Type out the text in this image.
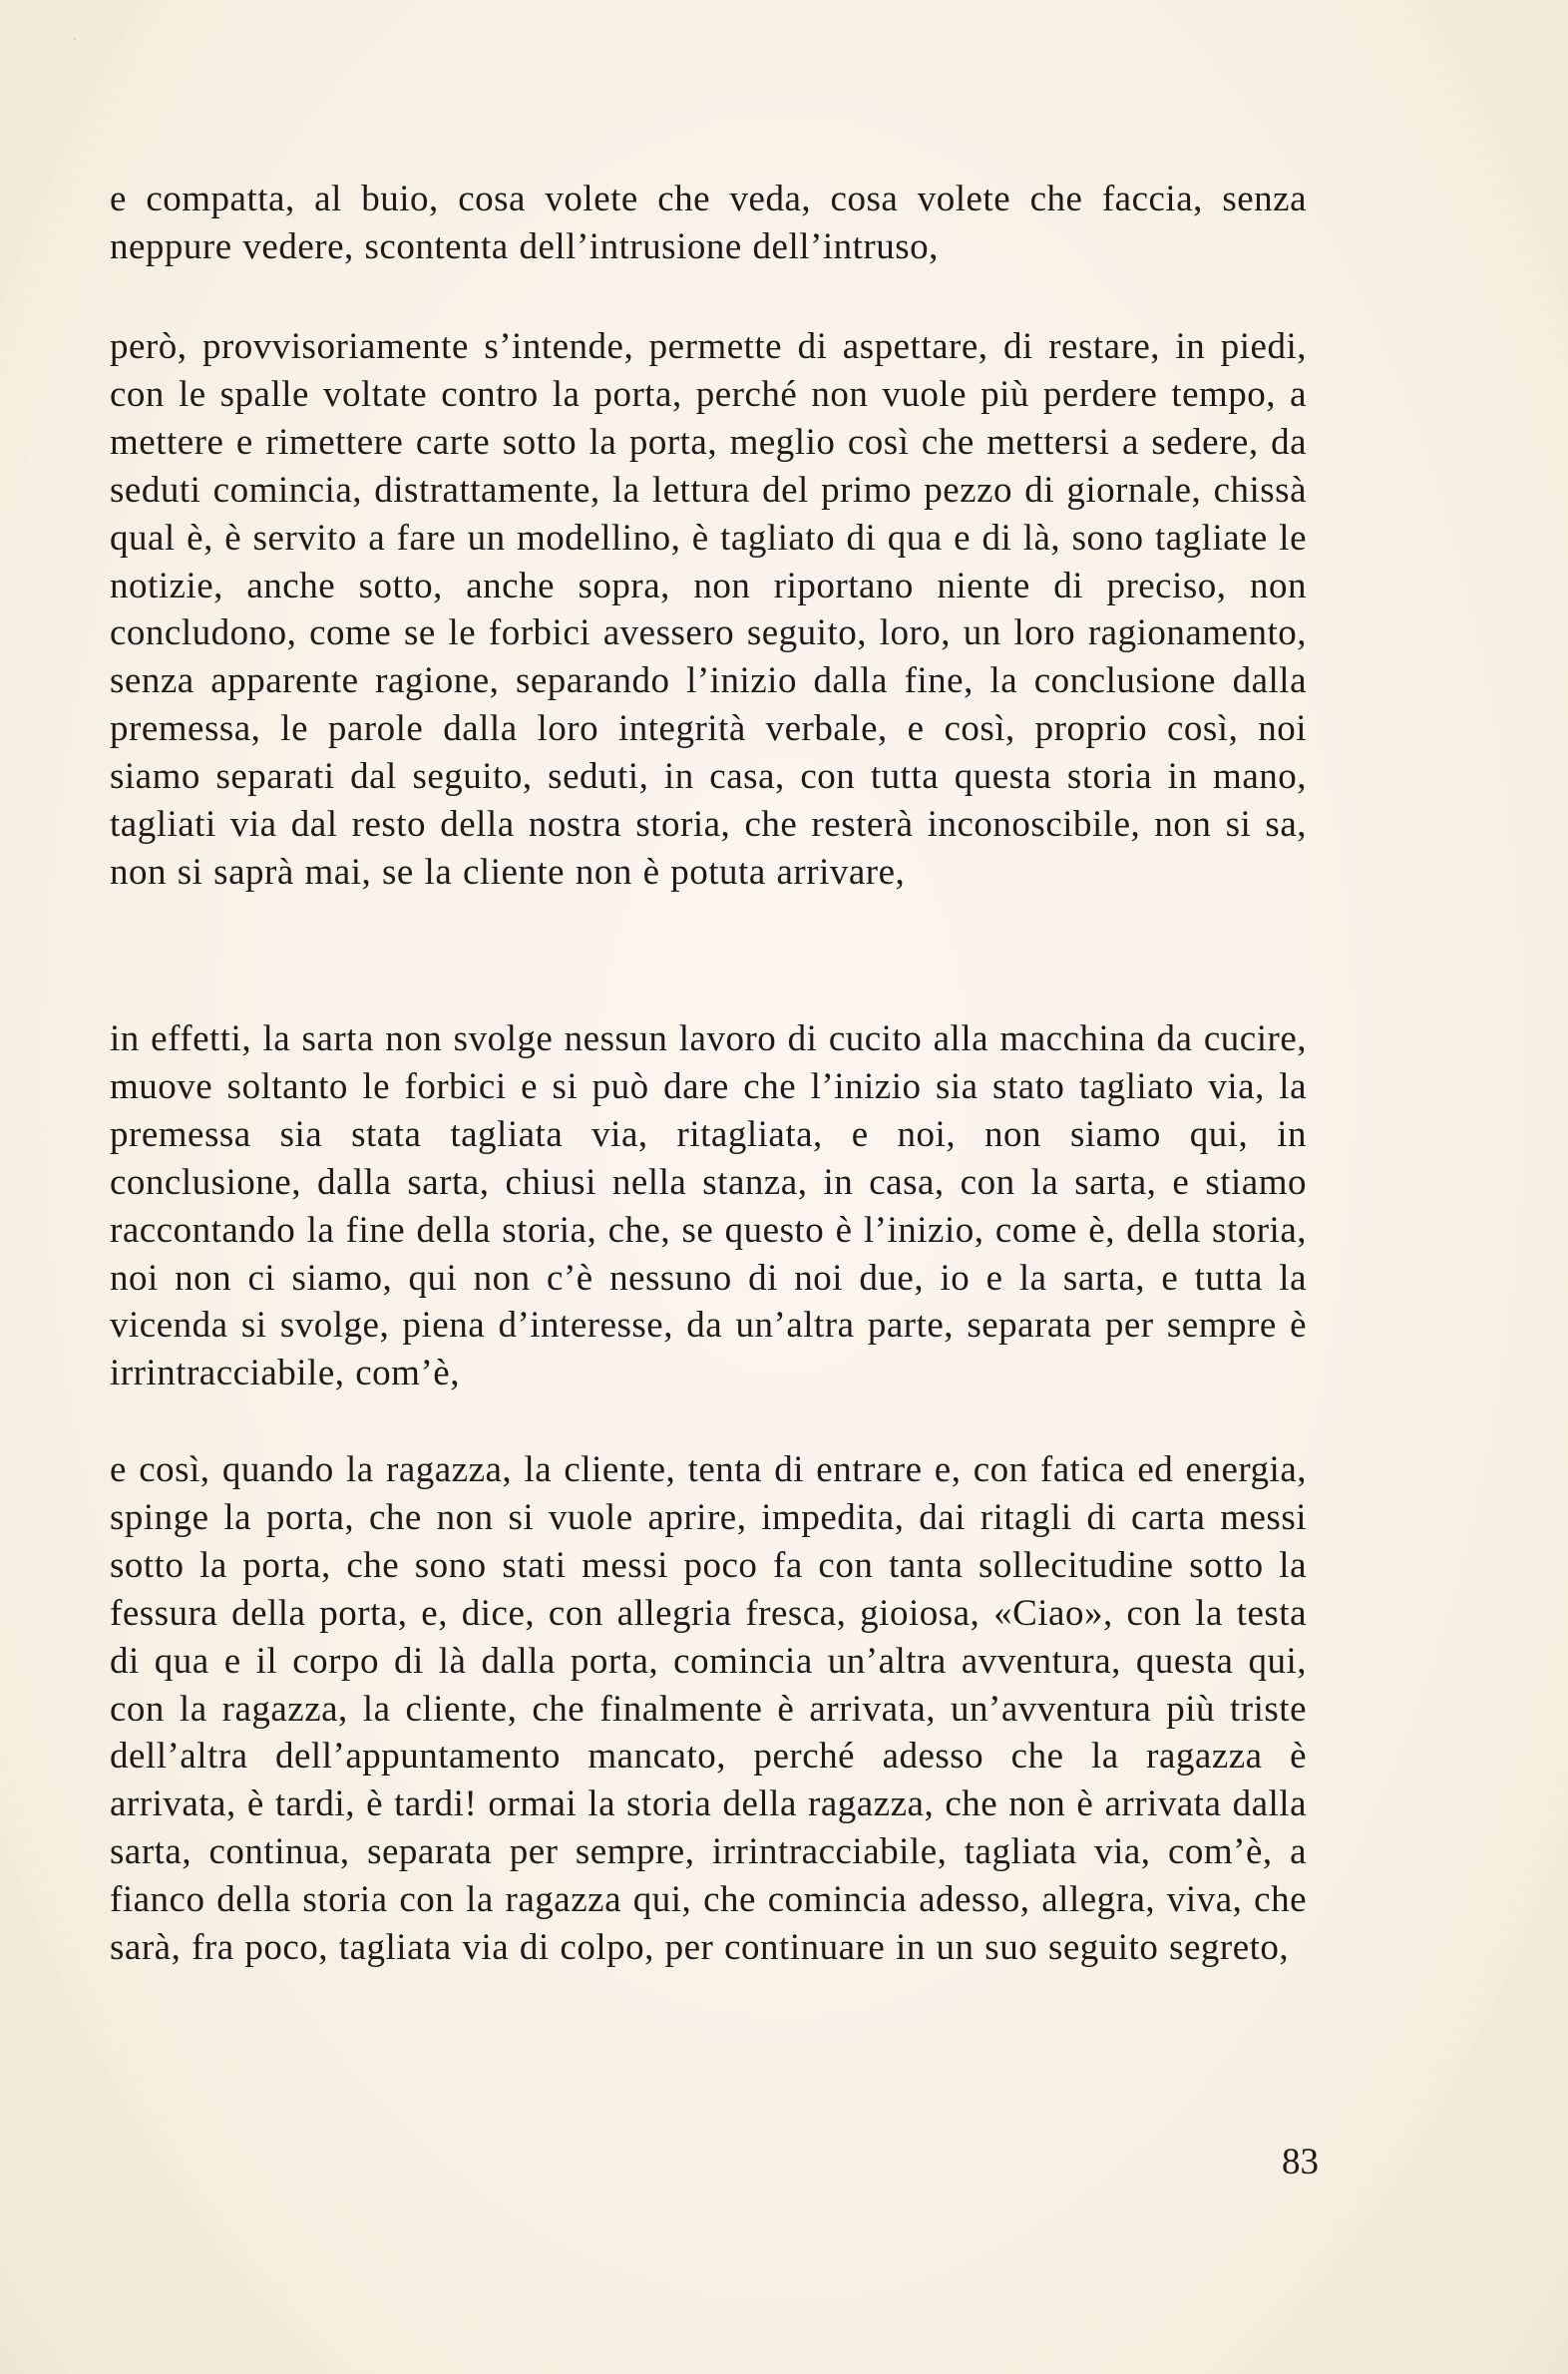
e compatta, al buio, cosa volete che veda, cosa volete che faccia, senza neppure vedere, scontenta dell’intrusione dell’intruso,

però, provvisoriamente s’intende, permette di aspettare, di restare, in piedi, con le spalle voltate contro la porta, perché non vuole più perdere tempo, a mettere e rimettere carte sotto la porta, meglio così che mettersi a sedere, da seduti comincia, distrattamente, la lettura del primo pezzo di giornale, chissà qual è, è servito a fare un modellino, è tagliato di qua e di là, sono tagliate le notizie, anche sotto, anche sopra, non riportano niente di preciso, non concludono, come se le forbici avessero seguito, loro, un loro ragionamento, senza apparente ragione, separando l’inizio dalla fine, la conclusione dalla premessa, le parole dalla loro integrità verbale, e così, proprio così, noi siamo separati dal seguito, seduti, in casa, con tutta questa storia in mano, tagliati via dal resto della nostra storia, che resterà inconoscibile, non si sa, non si saprà mai, se la cliente non è potuta arrivare,

in effetti, la sarta non svolge nessun lavoro di cucito alla macchina da cucire, muove soltanto le forbici e si può dare che l’inizio sia stato tagliato via, la premessa sia stata tagliata via, ritagliata, e noi, non siamo qui, in conclusione, dalla sarta, chiusi nella stanza, in casa, con la sarta, e stiamo raccontando la fine della storia, che, se questo è l’inizio, come è, della storia, noi non ci siamo, qui non c’è nessuno di noi due, io e la sarta, e tutta la vicenda si svolge, piena d’interesse, da un’altra parte, separata per sempre è irrintracciabile, com’è,

e così, quando la ragazza, la cliente, tenta di entrare e, con fatica ed energia, spinge la porta, che non si vuole aprire, impedita, dai ritagli di carta messi sotto la porta, che sono stati messi poco fa con tanta sollecitudine sotto la fessura della porta, e, dice, con allegria fresca, gioiosa, «Ciao», con la testa di qua e il corpo di là dalla porta, comincia un’altra avventura, questa qui, con la ragazza, la cliente, che finalmente è arrivata, un’avventura più triste dell’altra dell’appuntamento mancato, perché adesso che la ragazza è arrivata, è tardi, è tardi! ormai la storia della ragazza, che non è arrivata dalla sarta, continua, separata per sempre, irrintracciabile, tagliata via, com’è, a fianco della storia con la ragazza qui, che comincia adesso, allegra, viva, che sarà, fra poco, tagliata via di colpo, per continuare in un suo seguito segreto,

83
